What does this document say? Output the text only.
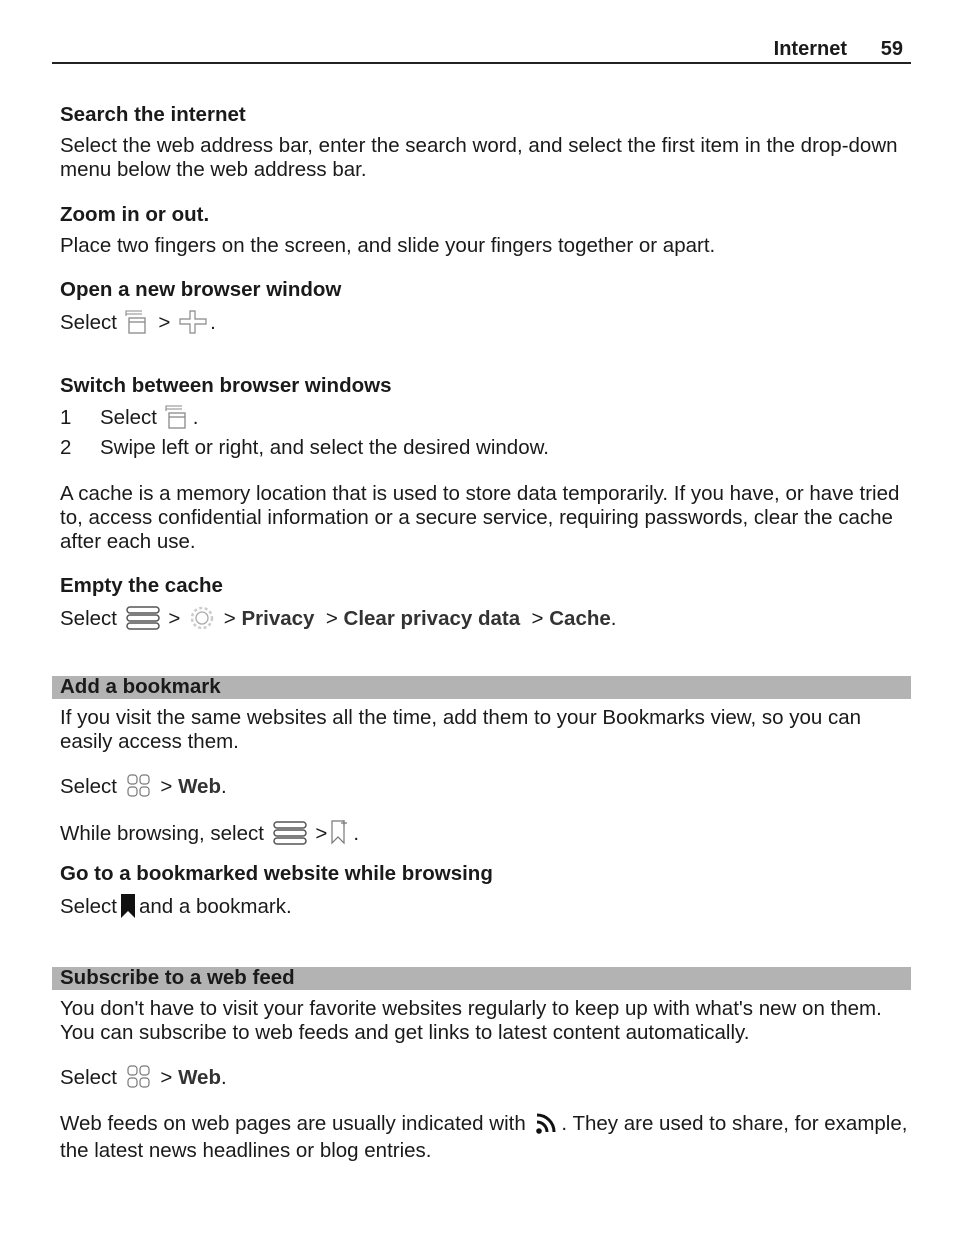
Internet 59
Search the internet
Select the web address bar, enter the search word, and select the first item in the drop-down menu below the web address bar.
Zoom in or out.
Place two fingers on the screen, and slide your fingers together or apart.
Open a new browser window
Select > .
Switch between browser windows
1 Select .
2 Swipe left or right, and select the desired window.
A cache is a memory location that is used to store data temporarily. If you have, or have tried to, access confidential information or a secure service, requiring passwords, clear the cache after each use.
Empty the cache
Select	> > Privacy > Clear privacy data > Cache.
Add a bookmark
If you visit the same websites all the time, add them to your Bookmarks view, so you can easily access them.
Select > Web.
While browsing, select	> .
Go to a bookmarked website while browsing
Select and a bookmark.
Subscribe to a web feed
You don't have to visit your favorite websites regularly to keep up with what's new on them. You can subscribe to web feeds and get links to latest content automatically.
Select > Web.
Web feeds on web pages are usually indicated with . They are used to share, for example, the latest news headlines or blog entries.
